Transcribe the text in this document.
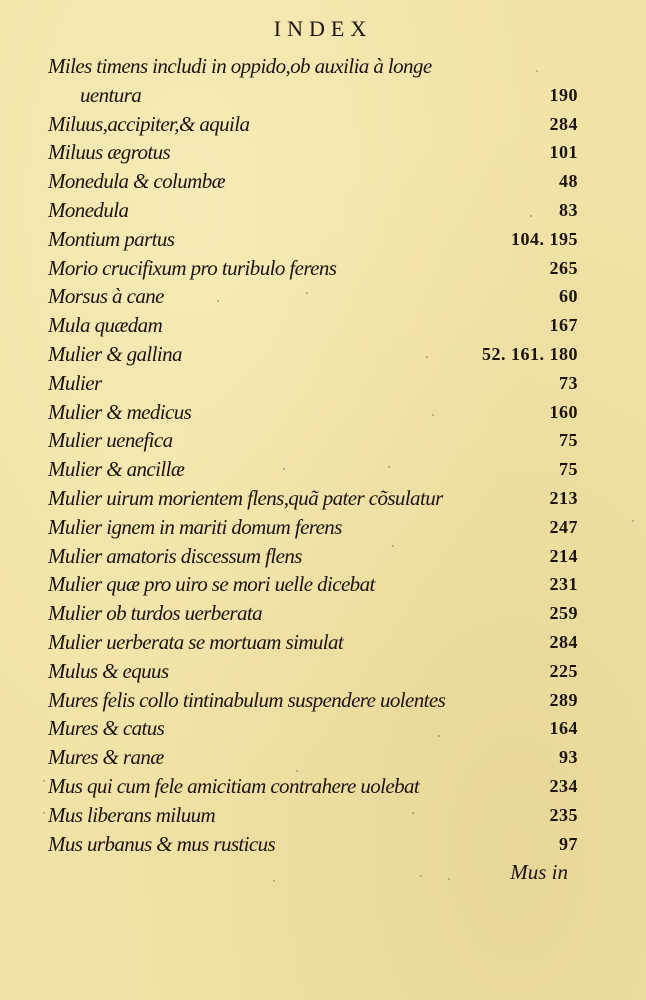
INDEX
Miles timens includi in oppido,ob auxilia à longe
uentura	190
Miluus,accipiter,& aquila	284
Miluus ægrotus	101
Monedula & columbæ	48
Monedula	83
Montium partus	104. 195
Morio crucifixum pro turibulo ferens	265
Morsus à cane	60
Mula quædam	167
Mulier & gallina	52. 161. 180
Mulier	73
Mulier & medicus	160
Mulier uenefica	75
Mulier & ancillæ	75
Mulier uirum morientem flens,quã pater cõsulatur	213
Mulier ignem in mariti domum ferens	247
Mulier amatoris discessum flens	214
Mulier quæ pro uiro se mori uelle dicebat	231
Mulier ob turdos uerberata	259
Mulier uerberata se mortuam simulat	284
Mulus & equus	225
Mures felis collo tintinabulum suspendere uolentes	289
Mures & catus	164
Mures & ranæ	93
Mus qui cum fele amicitiam contrahere uolebat	234
Mus liberans miluum	235
Mus urbanus & mus rusticus	97
Mus in
